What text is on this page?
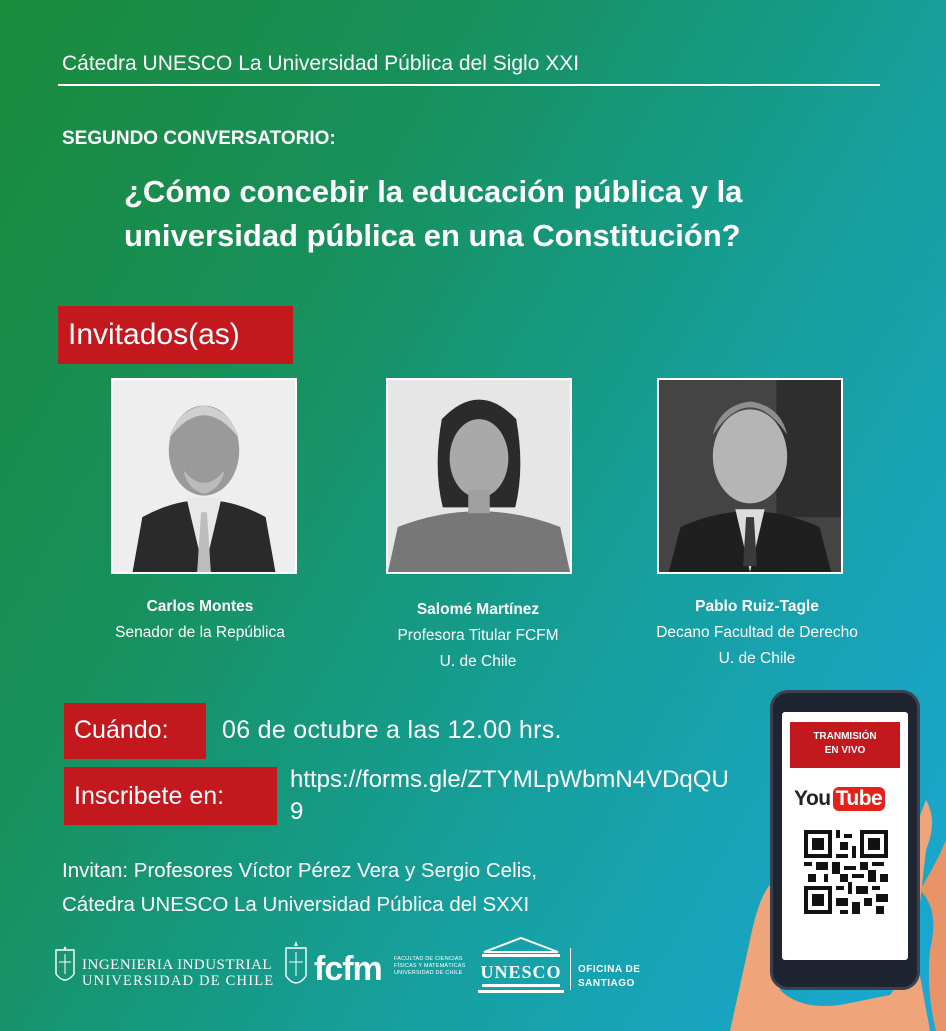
Cátedra UNESCO La Universidad Pública del Siglo XXI
SEGUNDO CONVERSATORIO:
¿Cómo concebir la educación pública y la universidad pública en una Constitución?
Invitados(as)
Carlos Montes
Senador de la República
Salomé Martínez
Profesora Titular FCFM
U. de Chile
Pablo Ruiz-Tagle
Decano Facultad de Derecho
U. de Chile
Cuándo:	06 de octubre a las 12.00 hrs.
Inscribete en:
https://forms.gle/ZTYMLpWbmN4VDqQU9
Invitan: Profesores Víctor Pérez Vera y Sergio Celis,
Cátedra UNESCO La Universidad Pública del SXXI
INGENIERIA INDUSTRIAL
UNIVERSIDAD DE CHILE fcfm FACULTAD DE CIENCIAS FÍSICAS Y MATEMÁTICAS UNIVERSIDAD DE CHILE UNESCO OFICINA DE
SANTIAGO
TRANMISIÓN
EN VIVO
You Tube
